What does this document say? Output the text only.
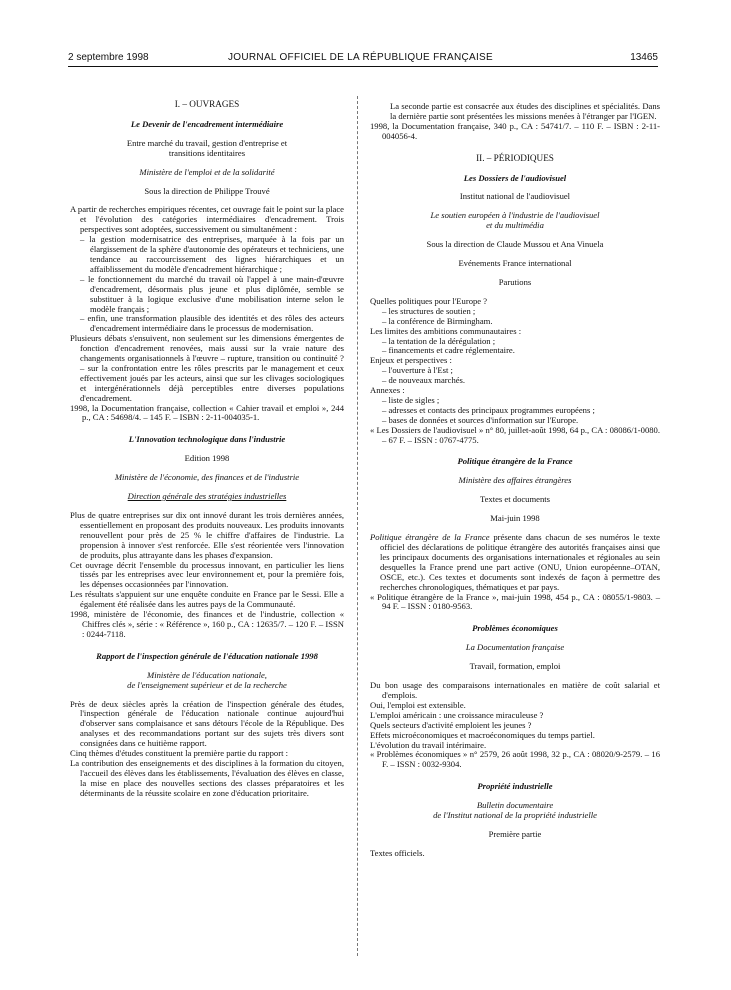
2 septembre 1998	JOURNAL OFFICIEL DE LA RÉPUBLIQUE FRANÇAISE	13465
I. – OUVRAGES
Le Devenir de l'encadrement intermédiaire
Entre marché du travail, gestion d'entreprise et transitions identitaires
Ministère de l'emploi et de la solidarité
Sous la direction de Philippe Trouvé

A partir de recherches empiriques récentes, cet ouvrage fait le point sur la place et l'évolution des catégories intermédiaires d'encadrement. Trois perspectives sont adoptées, successivement ou simultanément :

– la gestion modernisatrice des entreprises, marquée à la fois par un élargissement de la sphère d'autonomie des opérateurs et techniciens, une tendance au raccourcissement des lignes hiérarchiques et un affaiblissement du modèle d'encadrement hiérarchique ;

– le fonctionnement du marché du travail où l'appel à une main-d'œuvre d'encadrement, désormais plus jeune et plus diplômée, semble se substituer à la logique exclusive d'une mobilisation interne selon le modèle français ;

– enfin, une transformation plausible des identités et des rôles des acteurs d'encadrement intermédiaire dans le processus de modernisation.

Plusieurs débats s'ensuivent, non seulement sur les dimensions émergentes de fonction d'encadrement renovées, mais aussi sur la vraie nature des changements organisationnels à l'œuvre – rupture, transition ou continuité ? – sur la confrontation entre les rôles prescrits par le management et ceux effectivement joués par les acteurs, ainsi que sur les clivages sociologiques et intergénérationnels déjà perceptibles entre diverses populations d'encadrement.

1998, la Documentation française, collection « Cahier travail et emploi », 244 p., CA : 54698/4. – 145 F. – ISBN : 2-11-004035-1.

L'Innovation technologique dans l'industrie
Edition 1998
Ministère de l'économie, des finances et de l'industrie
Direction générale des stratégies industrielles

Plus de quatre entreprises sur dix ont innové durant les trois dernières années, essentiellement en proposant des produits nouveaux. Les produits innovants renouvellent pour près de 25 % le chiffre d'affaires de l'industrie. La propension à innover s'est renforcée. Elle s'est réorientée vers l'innovation de produits, plus attrayante dans les phases d'expansion.

Cet ouvrage décrit l'ensemble du processus innovant, en particulier les liens tissés par les entreprises avec leur environnement et, pour la première fois, les dépenses occasionnées par l'innovation.

Les résultats s'appuient sur une enquête conduite en France par le Sessi. Elle a également été réalisée dans les autres pays de la Communauté.

1998, ministère de l'économie, des finances et de l'industrie, collection « Chiffres clés », série : « Référence », 160 p., CA : 12635/7. – 120 F. – ISSN : 0244-7118.

Rapport de l'inspection générale de l'éducation nationale 1998
Ministère de l'éducation nationale,
de l'enseignement supérieur et de la recherche

Près de deux siècles après la création de l'inspection générale des études, l'inspection générale de l'éducation nationale continue aujourd'hui d'observer sans complaisance et sans détours l'école de la République. Des analyses et des recommandations portant sur des sujets très divers sont consignées dans ce huitième rapport.

Cinq thèmes d'études constituent la première partie du rapport :

La contribution des enseignements et des disciplines à la formation du citoyen, l'accueil des élèves dans les établissements, l'évaluation des élèves en classe, la mise en place des nouvelles sections des classes préparatoires et les déterminants de la réussite scolaire en zone d'éducation prioritaire.

La seconde partie est consacrée aux études des disciplines et spécialités. Dans la dernière partie sont présentées les missions menées à l'étranger par l'IGEN.

1998, la Documentation française, 340 p., CA : 54741/7. – 110 F. – ISBN : 2-11-004056-4.

II. – PÉRIODIQUES
Les Dossiers de l'audiovisuel
Institut national de l'audiovisuel
Le soutien européen à l'industrie de l'audiovisuel
et du multimédia
Sous la direction de Claude Mussou et Ana Vinuela
Evénements France international
Parutions

Quelles politiques pour l'Europe ?

– les structures de soutien ;

– la conférence de Birmingham.

Les limites des ambitions communautaires :

– la tentation de la dérégulation ;

– financements et cadre réglementaire.

Enjeux et perspectives :

– l'ouverture à l'Est ;

– de nouveaux marchés.

Annexes :

– liste de sigles ;

– adresses et contacts des principaux programmes européens ;

– bases de données et sources d'information sur l'Europe.

« Les Dossiers de l'audiovisuel » n° 80, juillet-août 1998, 64 p., CA : 08086/1-0080. – 67 F. – ISSN : 0767-4775.

Politique étrangère de la France
Ministère des affaires étrangères
Textes et documents
Mai-juin 1998

Politique étrangère de la France présente dans chacun de ses numéros le texte officiel des déclarations de politique étrangère des autorités françaises ainsi que les principaux documents des organisations internationales et régionales au sein desquelles la France prend une part active (ONU, Union européenne–OTAN, OSCE, etc.). Ces textes et documents sont indexés de façon à permettre des recherches chronologiques, thématiques et par pays.

« Politique étrangère de la France », mai-juin 1998, 454 p., CA : 08055/1-9803. – 94 F. – ISSN : 0180-9563.

Problèmes économiques
La Documentation française
Travail, formation, emploi

Du bon usage des comparaisons internationales en matière de coût salarial et d'emplois.

Oui, l'emploi est extensible.

L'emploi américain : une croissance miraculeuse ?

Quels secteurs d'activité emploient les jeunes ?

Effets microéconomiques et macroéconomiques du temps partiel.

L'évolution du travail intérimaire.

« Problèmes économiques » n° 2579, 26 août 1998, 32 p., CA : 08020/9-2579. – 16 F. – ISSN : 0032-9304.

Propriété industrielle
Bulletin documentaire
de l'Institut national de la propriété industrielle
Première partie

Textes officiels.
